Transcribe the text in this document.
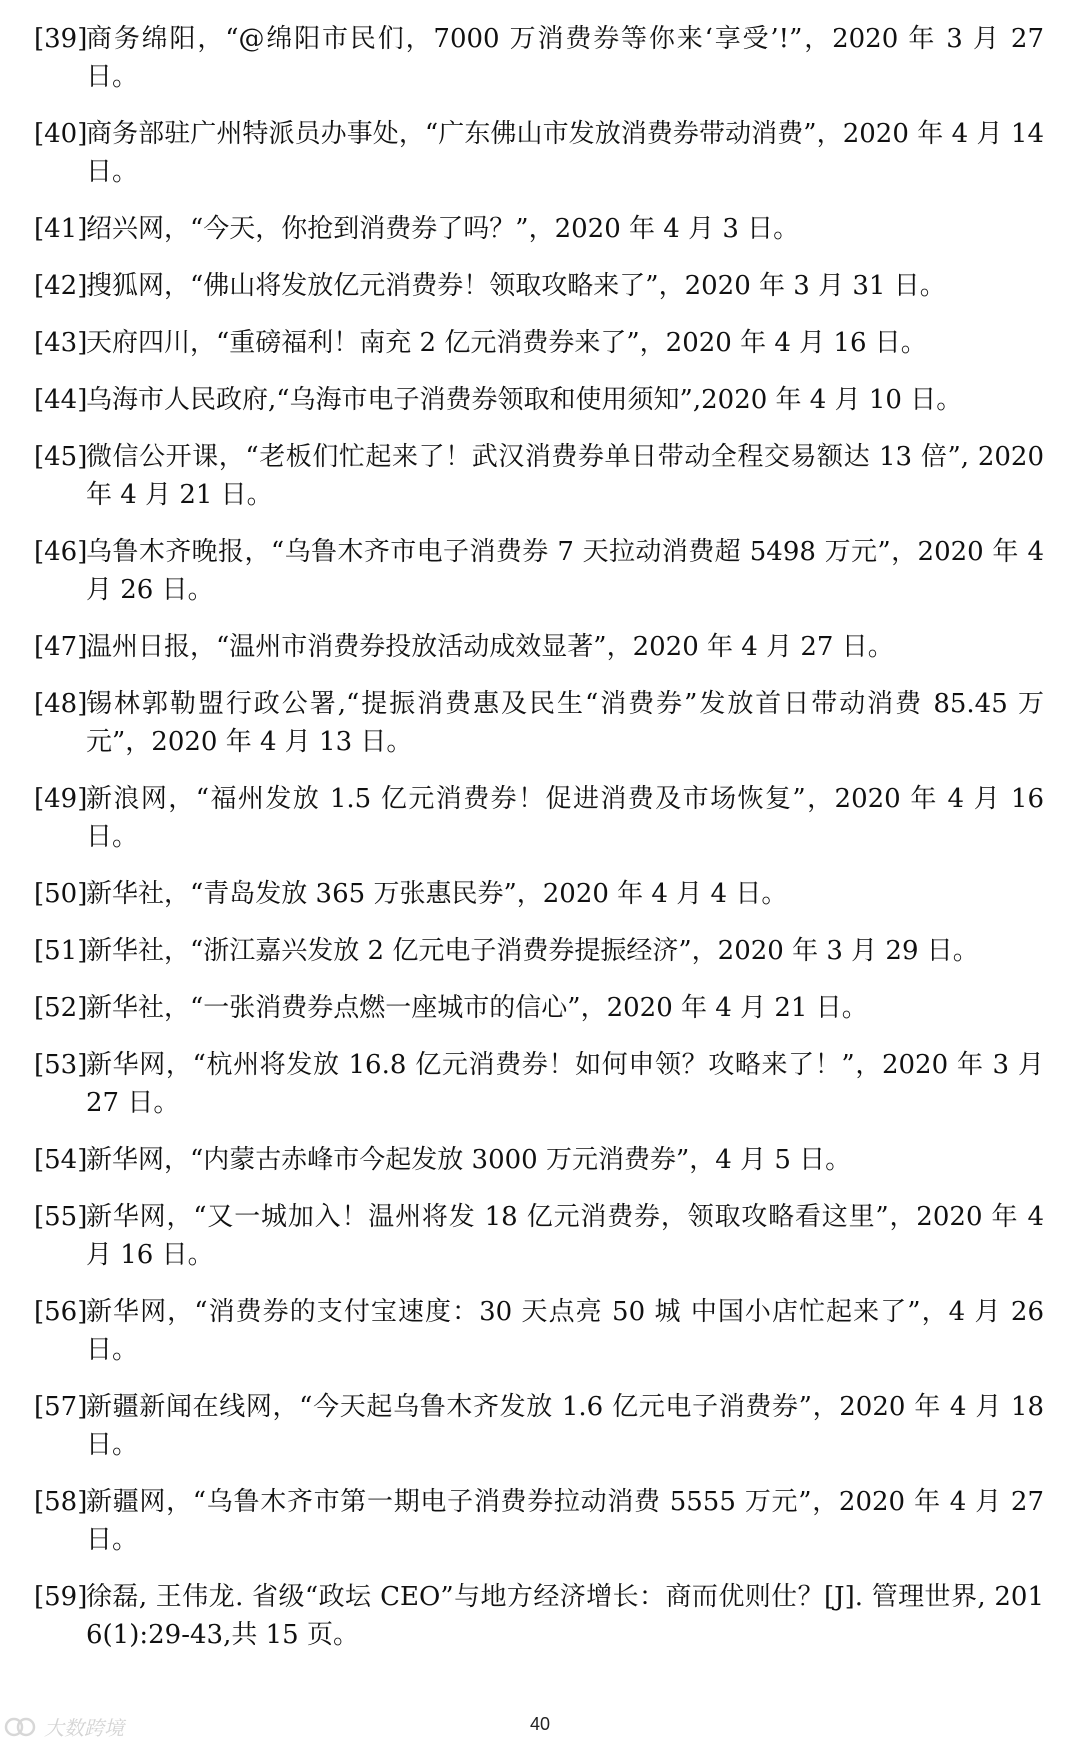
[39]
商务绵阳，“@绵阳市民们，7000 万消费券等你来‘享受’!”，2020 年 3 月 27 日。
[40]
商务部驻广州特派员办事处，“广东佛山市发放消费券带动消费”，2020 年 4 月 14 日。
[41]
绍兴网，“今天，你抢到消费券了吗？”，2020 年 4 月 3 日。
[42]
搜狐网，“佛山将发放亿元消费券！领取攻略来了”，2020 年 3 月 31 日。
[43]
天府四川，“重磅福利！南充 2 亿元消费券来了”，2020 年 4 月 16 日。
[44]
乌海市人民政府,“乌海市电子消费券领取和使用须知”,2020 年 4 月 10 日。
[45]
微信公开课，“老板们忙起来了！武汉消费券单日带动全程交易额达 13 倍”, 2020 年 4 月 21 日。
[46]
乌鲁木齐晚报，“乌鲁木齐市电子消费券 7 天拉动消费超 5498 万元”，2020 年 4 月 26 日。
[47]
温州日报，“温州市消费券投放活动成效显著”，2020 年 4 月 27 日。
[48]
锡林郭勒盟行政公署,“提振消费惠及民生“消费券”发放首日带动消费 85.45 万元”，2020 年 4 月 13 日。
[49]
新浪网，“福州发放 1.5 亿元消费券！促进消费及市场恢复”，2020 年 4 月 16 日。
[50]
新华社，“青岛发放 365 万张惠民券”，2020 年 4 月 4 日。
[51]
新华社，“浙江嘉兴发放 2 亿元电子消费券提振经济”，2020 年 3 月 29 日。
[52]
新华社，“一张消费券点燃一座城市的信心”，2020 年 4 月 21 日。
[53]
新华网，“杭州将发放 16.8 亿元消费券！如何申领？攻略来了！”，2020 年 3 月 27 日。
[54]
新华网，“内蒙古赤峰市今起发放 3000 万元消费券”，4 月 5 日。
[55]
新华网，“又一城加入！温州将发 18 亿元消费券，领取攻略看这里”，2020 年 4 月 16 日。
[56]
新华网，“消费券的支付宝速度：30 天点亮 50 城 中国小店忙起来了”，4 月 26 日。
[57]
新疆新闻在线网，“今天起乌鲁木齐发放 1.6 亿元电子消费券”，2020 年 4 月 18 日。
[58]
新疆网，“乌鲁木齐市第一期电子消费券拉动消费 5555 万元”，2020 年 4 月 27 日。
[59]
徐磊, 王伟龙. 省级“政坛 CEO”与地方经济增长：商而优则仕？[J]. 管理世界, 2016(1):29-43,共 15 页。
大数跨境	40
